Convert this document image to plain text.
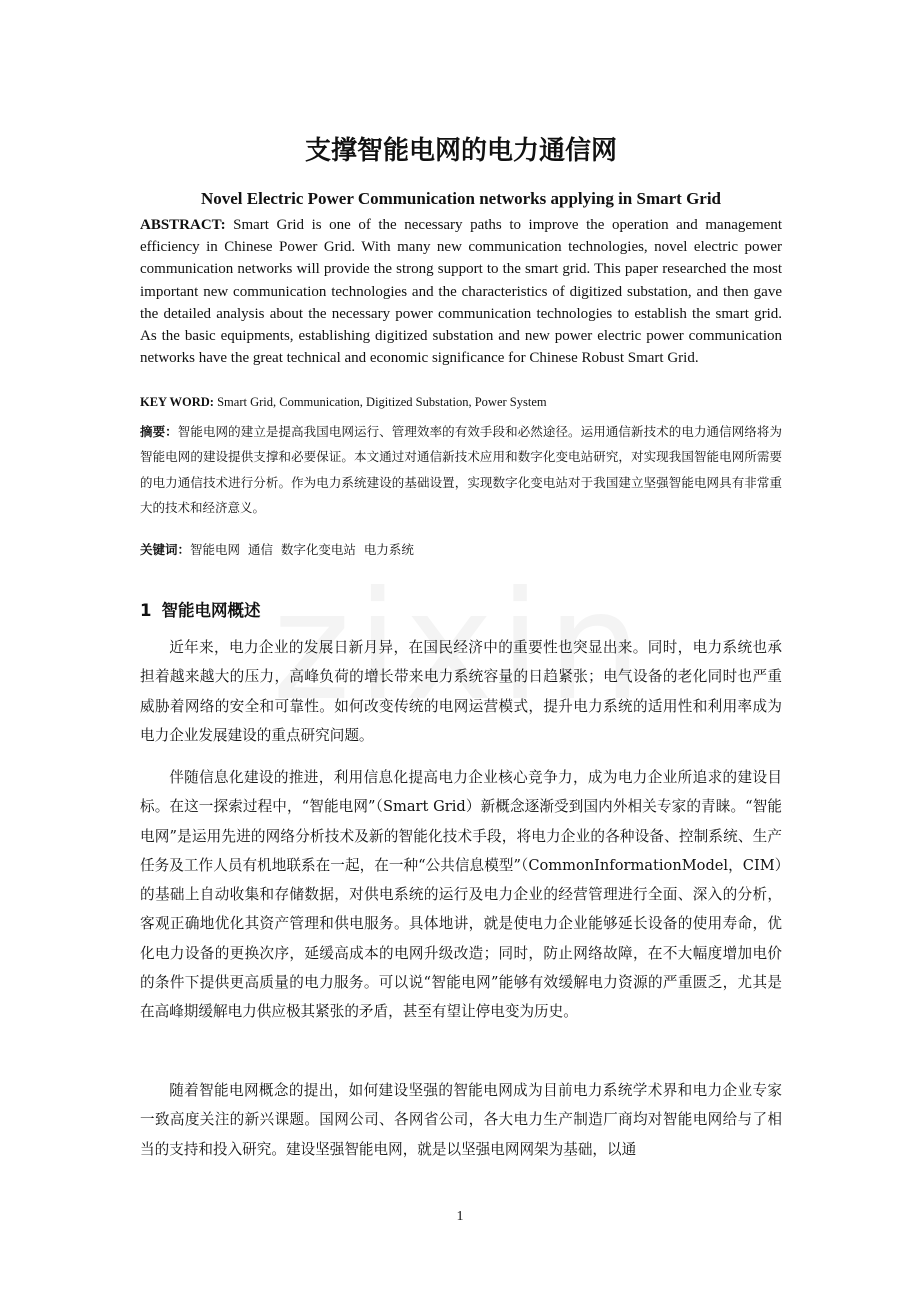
支撑智能电网的电力通信网
Novel Electric Power Communication networks applying in Smart Grid

ABSTRACT: Smart Grid is one of the necessary paths to improve the operation and management efficiency in Chinese Power Grid. With many new communication technologies, novel electric power communication networks will provide the strong support to the smart grid. This paper researched the most important new communication technologies and the characteristics of digitized substation, and then gave the detailed analysis about the necessary power communication technologies to establish the smart grid. As the basic equipments, establishing digitized substation and new power electric power communication networks have the great technical and economic significance for Chinese Robust Smart Grid.

KEY WORD: Smart Grid, Communication, Digitized Substation, Power System

摘要：智能电网的建立是提高我国电网运行、管理效率的有效手段和必然途径。运用通信新技术的电力通信网络将为智能电网的建设提供支撑和必要保证。本文通过对通信新技术应用和数字化变电站研究，对实现我国智能电网所需要的电力通信技术进行分析。作为电力系统建设的基础设置，实现数字化变电站对于我国建立坚强智能电网具有非常重大的技术和经济意义。

关键词：智能电网  通信  数字化变电站  电力系统

1 智能电网概述

近年来，电力企业的发展日新月异，在国民经济中的重要性也突显出来。同时，电力系统也承担着越来越大的压力，高峰负荷的增长带来电力系统容量的日趋紧张；电气设备的老化同时也严重威胁着网络的安全和可靠性。如何改变传统的电网运营模式，提升电力系统的适用性和利用率成为电力企业发展建设的重点研究问题。

伴随信息化建设的推进，利用信息化提高电力企业核心竞争力，成为电力企业所追求的建设目标。在这一探索过程中，“智能电网”（Smart Grid）新概念逐渐受到国内外相关专家的青睐。“智能电网”是运用先进的网络分析技术及新的智能化技术手段，将电力企业的各种设备、控制系统、生产任务及工作人员有机地联系在一起，在一种“公共信息模型”（CommonInformationModel，CIM）的基础上自动收集和存储数据，对供电系统的运行及电力企业的经营管理进行全面、深入的分析，客观正确地优化其资产管理和供电服务。具体地讲，就是使电力企业能够延长设备的使用寿命，优化电力设备的更换次序，延缓高成本的电网升级改造；同时，防止网络故障，在不大幅度增加电价的条件下提供更高质量的电力服务。可以说“智能电网”能够有效缓解电力资源的严重匮乏，尤其是在高峰期缓解电力供应极其紧张的矛盾，甚至有望让停电变为历史。

随着智能电网概念的提出，如何建设坚强的智能电网成为目前电力系统学术界和电力企业专家一致高度关注的新兴课题。国网公司、各网省公司，各大电力生产制造厂商均对智能电网给与了相当的支持和投入研究。建设坚强智能电网，就是以坚强电网网架为基础，以通

1
